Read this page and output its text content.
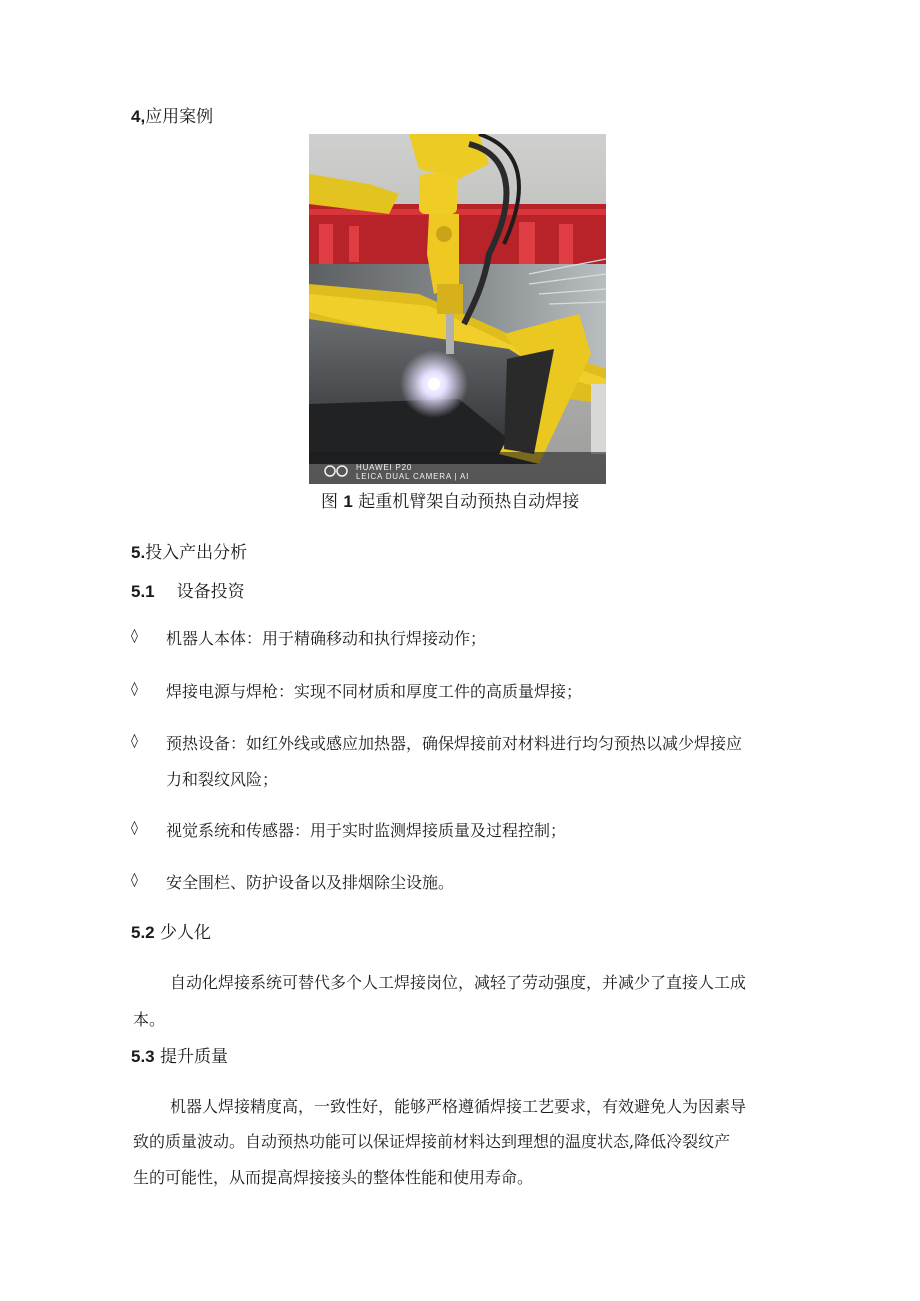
4,应用案例
HUAWEI P20
LEICA DUAL CAMERA | AI
图 1 起重机臂架自动预热自动焊接
5.投入产出分析
5.1 设备投资
◊ 机器人本体：用于精确移动和执行焊接动作；
◊ 焊接电源与焊枪：实现不同材质和厚度工件的高质量焊接；
◊ 预热设备：如红外线或感应加热器，确保焊接前对材料进行均匀预热以减少焊接应
力和裂纹风险；
◊ 视觉系统和传感器：用于实时监测焊接质量及过程控制；
◊ 安全围栏、防护设备以及排烟除尘设施。
5.2 少人化
自动化焊接系统可替代多个人工焊接岗位，减轻了劳动强度，并减少了直接人工成
本。
5.3 提升质量
机器人焊接精度高，一致性好，能够严格遵循焊接工艺要求，有效避免人为因素导
致的质量波动。自动预热功能可以保证焊接前材料达到理想的温度状态,降低冷裂纹产
生的可能性，从而提高焊接接头的整体性能和使用寿命。
